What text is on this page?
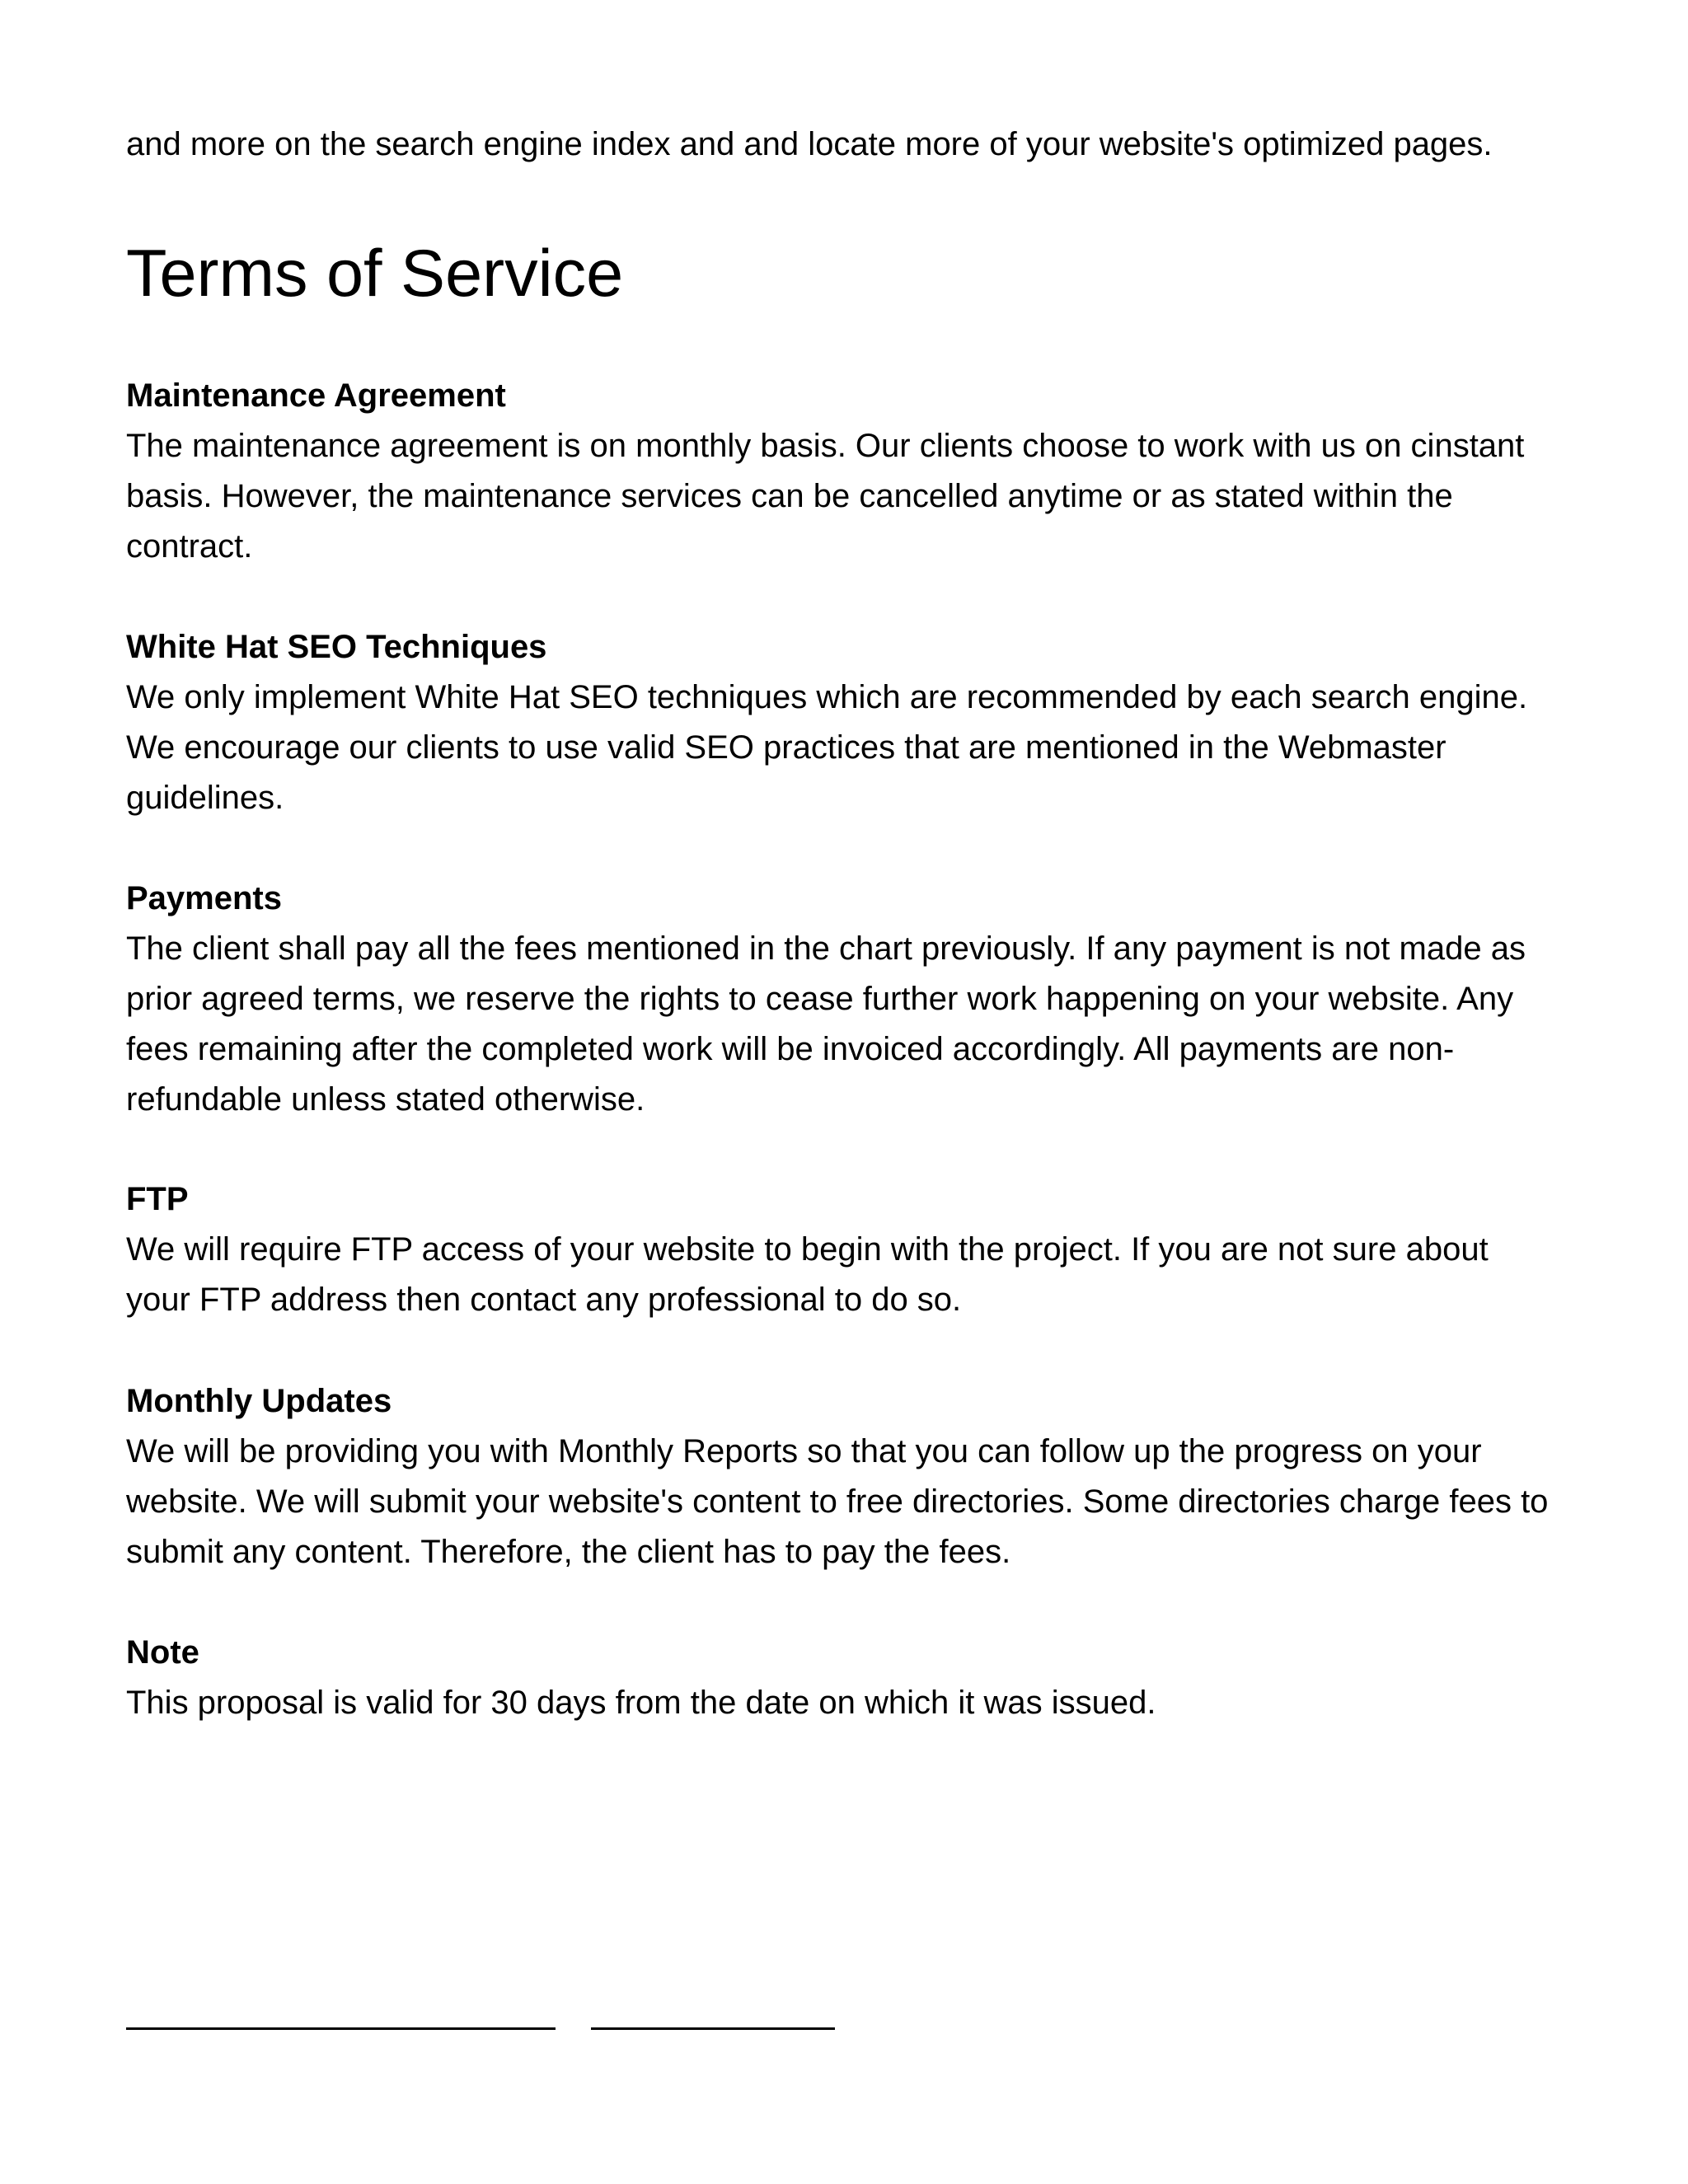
and more on the search engine index and and locate more of your website's optimized pages.

Terms of Service
Maintenance Agreement

The maintenance agreement is on monthly basis. Our clients choose to work with us on cinstant basis. However, the maintenance services can be cancelled anytime or as stated within the contract.

White Hat SEO Techniques

We only implement White Hat SEO techniques which are recommended by each search engine. We encourage our clients to use valid SEO practices that are mentioned in the Webmaster guidelines.

Payments

The client shall pay all the fees mentioned in the chart previously. If any payment is not made as prior agreed terms, we reserve the rights to cease further work happening on your website. Any fees remaining after the completed work will be invoiced accordingly. All payments are non-refundable unless stated otherwise.

FTP

We will require FTP access of your website to begin with the project. If you are not sure about your FTP address then contact any professional to do so.

Monthly Updates

We will be providing you with Monthly Reports so that you can follow up the progress on your website. We will submit your website's content to free directories. Some directories charge fees to submit any content. Therefore, the client has to pay the fees.

Note

This proposal is valid for 30 days from the date on which it was issued.
